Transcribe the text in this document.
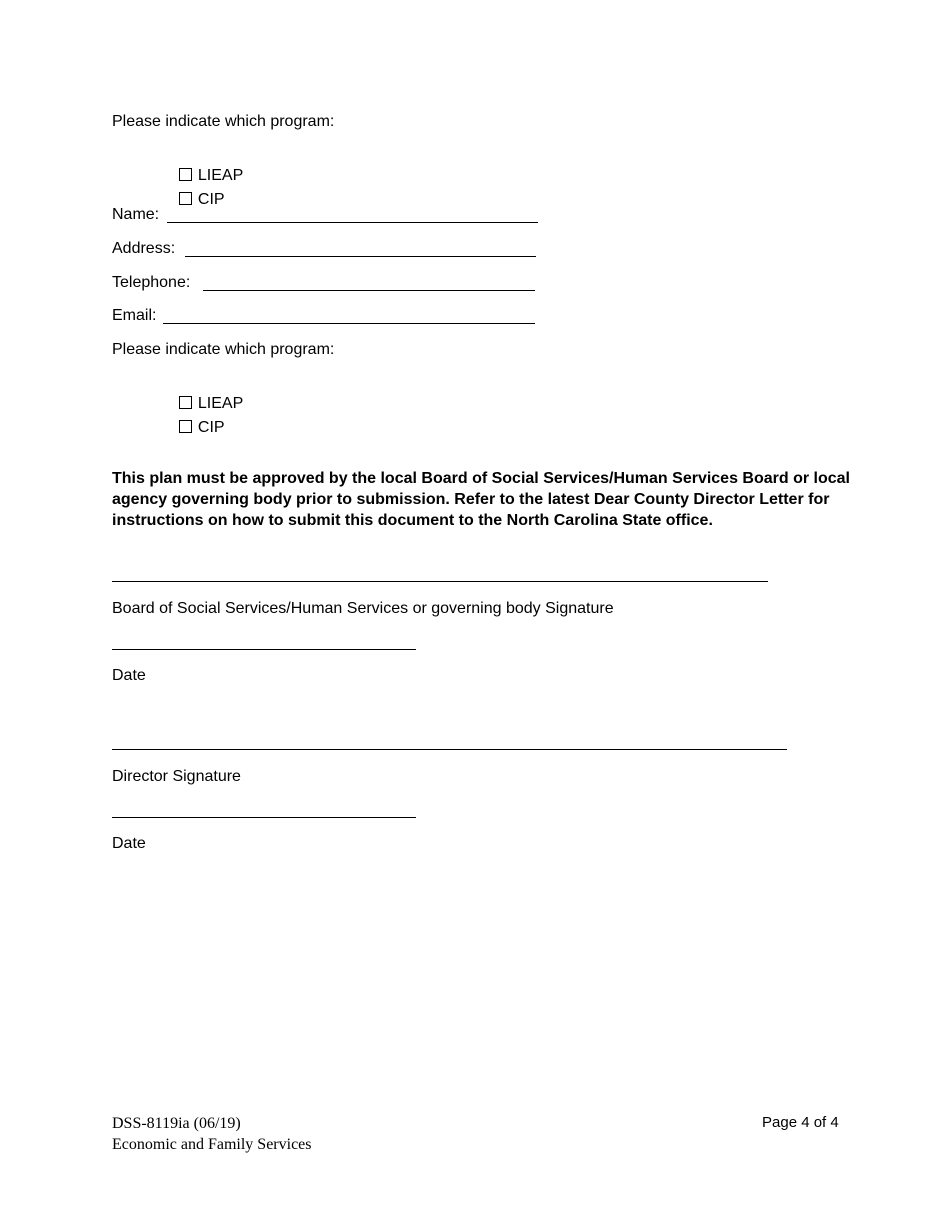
Please indicate which program:

LIEAP

CIP

Name:
Address:
Telephone:
Email:
Please indicate which program:

LIEAP

CIP

This plan must be approved by the local Board of Social Services/Human Services Board or local agency governing body prior to submission. Refer to the latest Dear County Director Letter for instructions on how to submit this document to the North Carolina State office.
Board of Social Services/Human Services or governing body Signature
Date
Director Signature
Date
DSS-8119ia (06/19)
Economic and Family Services
Page 4 of 4
